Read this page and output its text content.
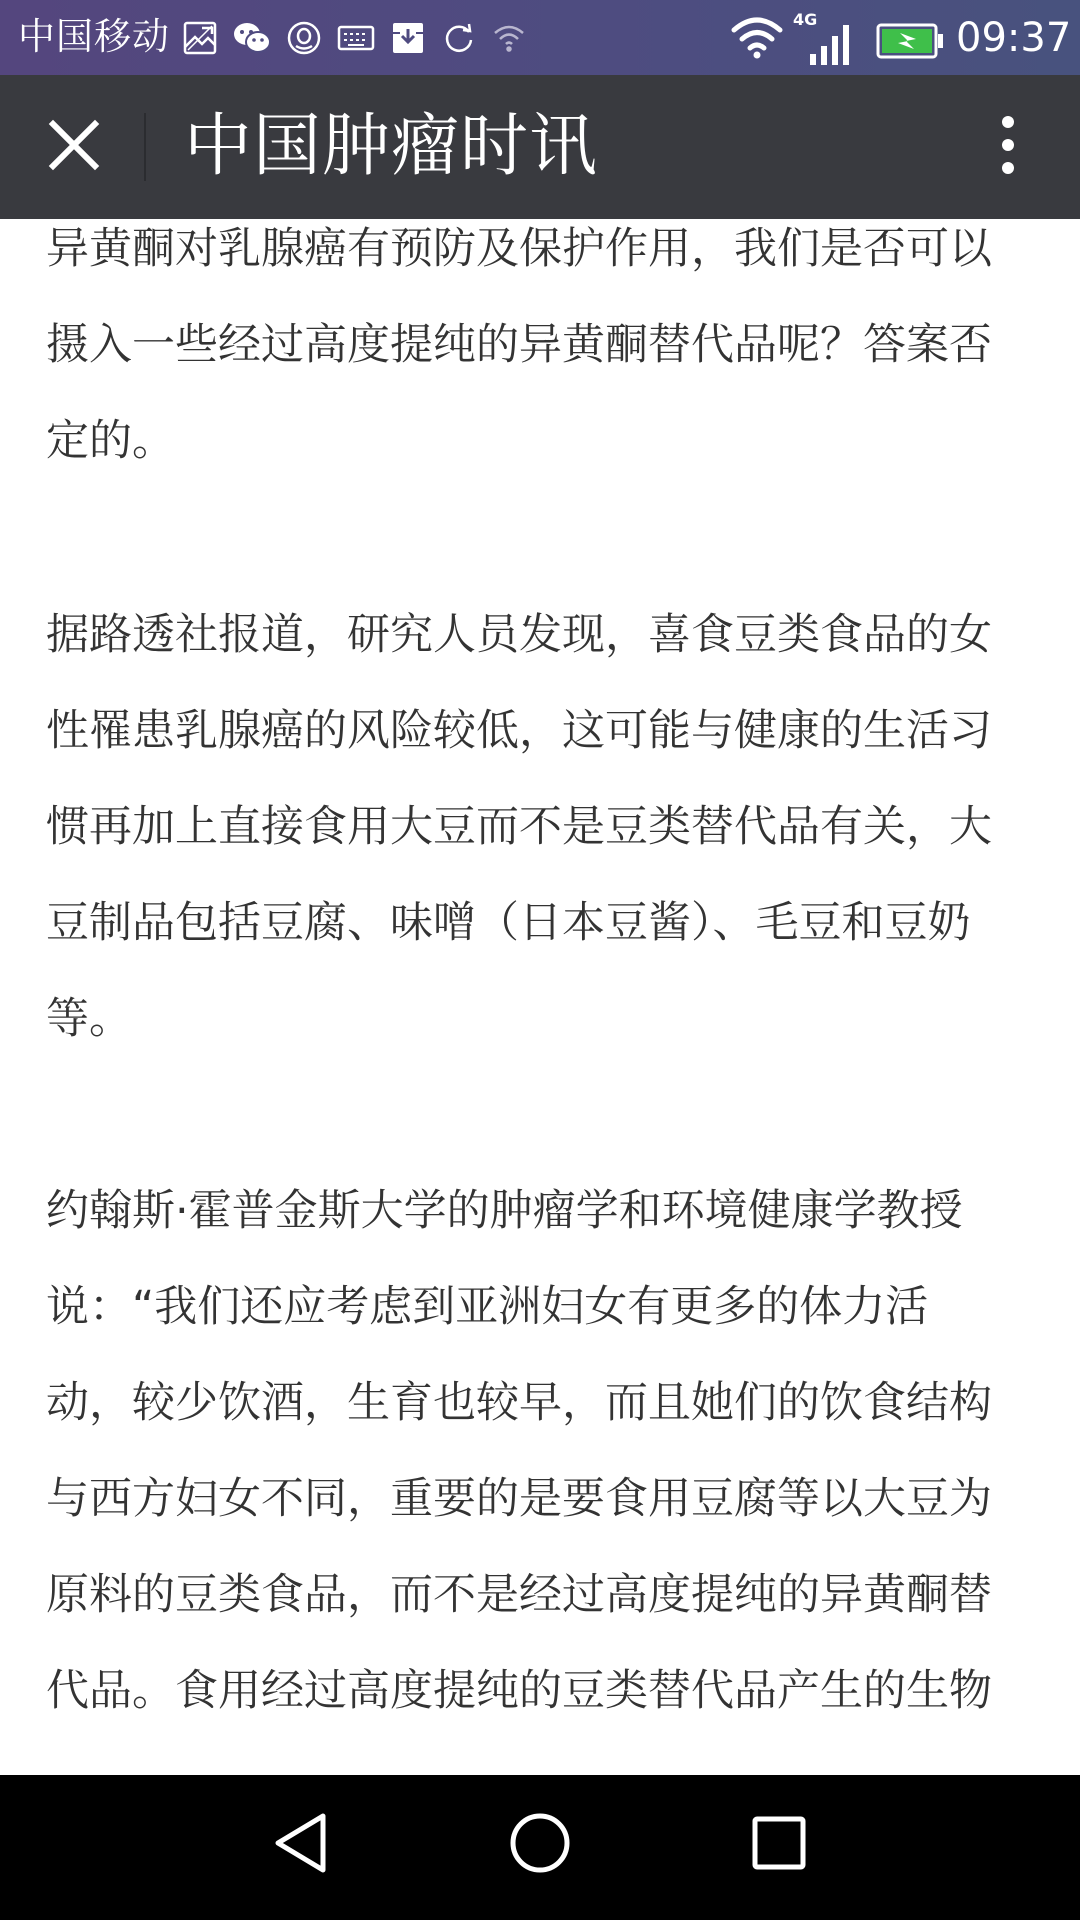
中国移动	4G	09:37
中国肿瘤时讯

异黄酮对乳腺癌有预防及保护作用，我们是否可以
摄入一些经过高度提纯的异黄酮替代品呢？答案否
定的。

据路透社报道，研究人员发现，喜食豆类食品的女
性罹患乳腺癌的风险较低，这可能与健康的生活习
惯再加上直接食用大豆而不是豆类替代品有关，大
豆制品包括豆腐、味噌（日本豆酱）、毛豆和豆奶
等。

约翰斯·霍普金斯大学的肿瘤学和环境健康学教授
说：“我们还应考虑到亚洲妇女有更多的体力活
动，较少饮酒，生育也较早，而且她们的饮食结构
与西方妇女不同，重要的是要食用豆腐等以大豆为
原料的豆类食品，而不是经过高度提纯的异黄酮替
代品。食用经过高度提纯的豆类替代品产生的生物
